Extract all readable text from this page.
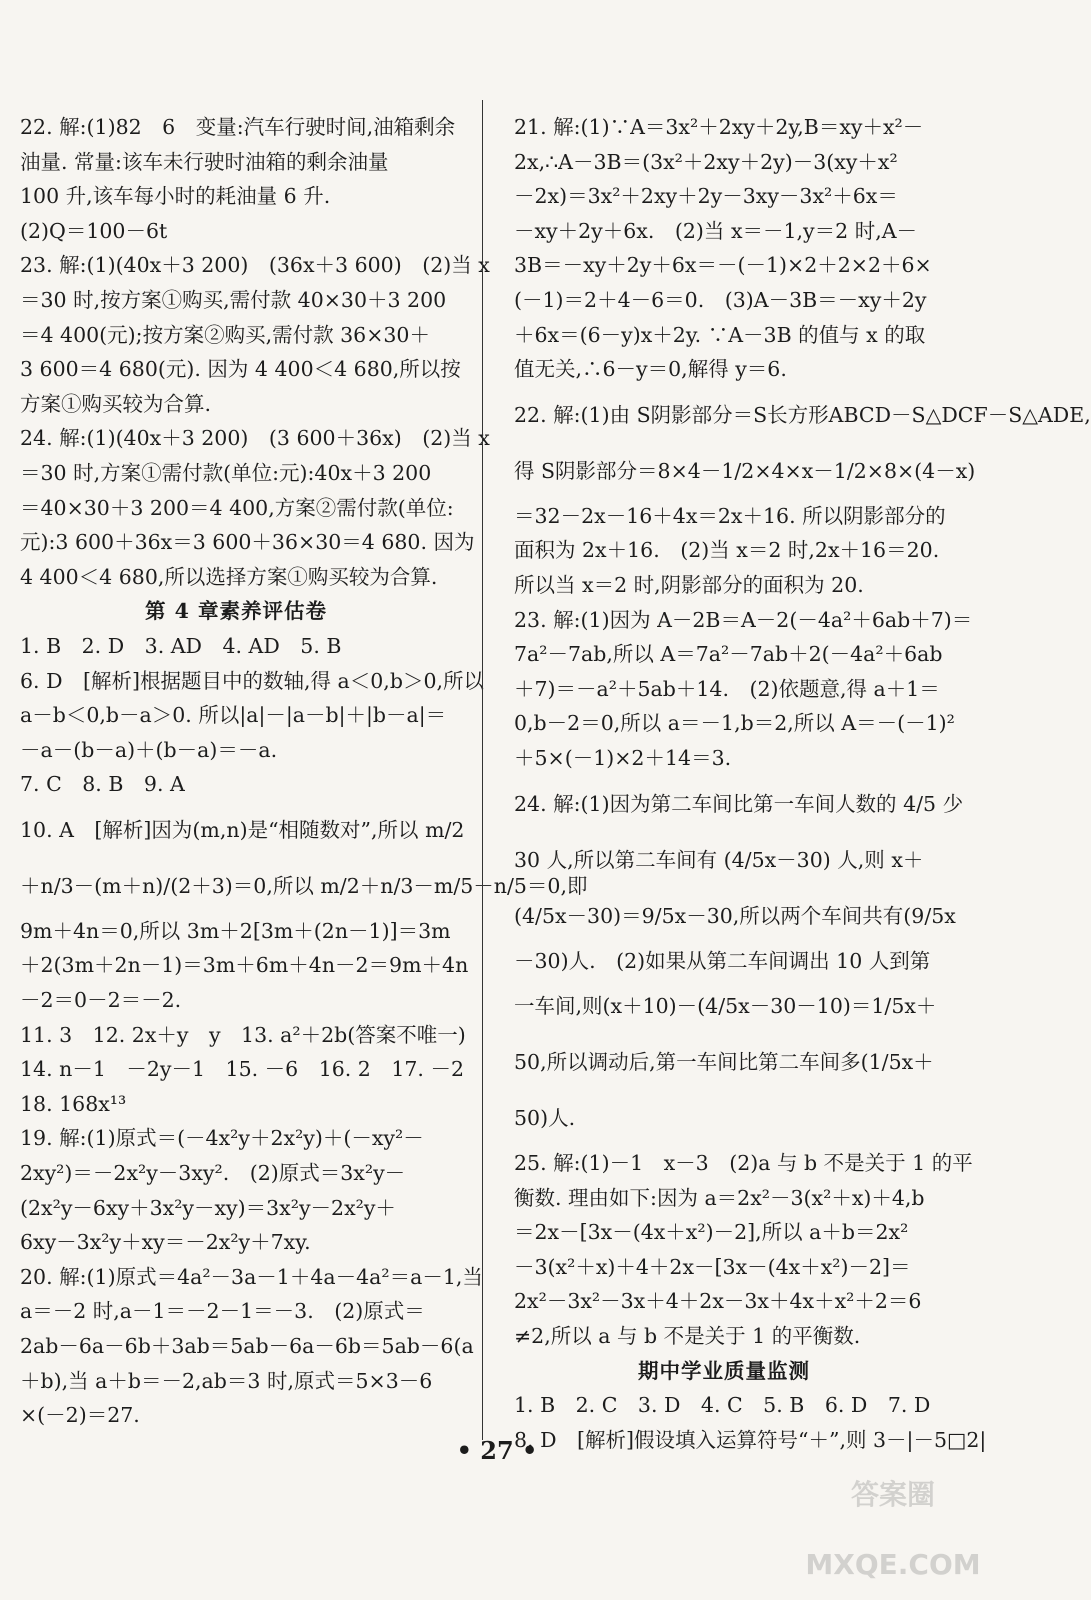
22. 解:(1)82　6　变量:汽车行驶时间,油箱剩余
油量. 常量:该车未行驶时油箱的剩余油量
100 升,该车每小时的耗油量 6 升.
(2)Q＝100－6t
23. 解:(1)(40x＋3 200)　(36x＋3 600)　(2)当 x
＝30 时,按方案①购买,需付款 40×30＋3 200
＝4 400(元);按方案②购买,需付款 36×30＋
3 600＝4 680(元). 因为 4 400＜4 680,所以按
方案①购买较为合算.
24. 解:(1)(40x＋3 200)　(3 600＋36x)　(2)当 x
＝30 时,方案①需付款(单位:元):40x＋3 200
＝40×30＋3 200＝4 400,方案②需付款(单位:
元):3 600＋36x＝3 600＋36×30＝4 680. 因为
4 400＜4 680,所以选择方案①购买较为合算.
第 4 章素养评估卷
1. B　2. D　3. AD　4. AD　5. B
6. D　[解析]根据题目中的数轴,得 a＜0,b＞0,所以
a－b＜0,b－a＞0. 所以|a|－|a－b|＋|b－a|＝
－a－(b－a)＋(b－a)＝－a.
7. C　8. B　9. A
10. A　[解析]因为(m,n)是“相随数对”,所以 m/2
＋n/3－(m＋n)/(2＋3)＝0,所以 m/2＋n/3－m/5－n/5＝0,即
9m＋4n＝0,所以 3m＋2[3m＋(2n－1)]＝3m
＋2(3m＋2n－1)＝3m＋6m＋4n－2＝9m＋4n
－2＝0－2＝－2.
11. 3　12. 2x＋y　y　13. a²＋2b(答案不唯一)
14. n－1　－2y－1　15. －6　16. 2　17. －2
18. 168x¹³
19. 解:(1)原式＝(－4x²y＋2x²y)＋(－xy²－
2xy²)＝－2x²y－3xy².　(2)原式＝3x²y－
(2x²y－6xy＋3x²y－xy)＝3x²y－2x²y＋
6xy－3x²y＋xy＝－2x²y＋7xy.
20. 解:(1)原式＝4a²－3a－1＋4a－4a²＝a－1,当
a＝－2 时,a－1＝－2－1＝－3.　(2)原式＝
2ab－6a－6b＋3ab＝5ab－6a－6b＝5ab－6(a
＋b),当 a＋b＝－2,ab＝3 时,原式＝5×3－6
×(－2)＝27.
21. 解:(1)∵A＝3x²＋2xy＋2y,B＝xy＋x²－
2x,∴A－3B＝(3x²＋2xy＋2y)－3(xy＋x²
－2x)＝3x²＋2xy＋2y－3xy－3x²＋6x＝
－xy＋2y＋6x.　(2)当 x＝－1,y＝2 时,A－
3B＝－xy＋2y＋6x＝－(－1)×2＋2×2＋6×
(－1)＝2＋4－6＝0.　(3)A－3B＝－xy＋2y
＋6x＝(6－y)x＋2y. ∵A－3B 的值与 x 的取
值无关,∴6－y＝0,解得 y＝6.
22. 解:(1)由 S阴影部分＝S长方形ABCD－S△DCF－S△ADE,
得 S阴影部分＝8×4－1/2×4×x－1/2×8×(4－x)
＝32－2x－16＋4x＝2x＋16. 所以阴影部分的
面积为 2x＋16.　(2)当 x＝2 时,2x＋16＝20.
所以当 x＝2 时,阴影部分的面积为 20.
23. 解:(1)因为 A－2B＝A－2(－4a²＋6ab＋7)＝
7a²－7ab,所以 A＝7a²－7ab＋2(－4a²＋6ab
＋7)＝－a²＋5ab＋14.　(2)依题意,得 a＋1＝
0,b－2＝0,所以 a＝－1,b＝2,所以 A＝－(－1)²
＋5×(－1)×2＋14＝3.
24. 解:(1)因为第二车间比第一车间人数的 4/5 少
30 人,所以第二车间有 (4/5x－30) 人,则 x＋
(4/5x－30)＝9/5x－30,所以两个车间共有(9/5x
－30)人.　(2)如果从第二车间调出 10 人到第
一车间,则(x＋10)－(4/5x－30－10)＝1/5x＋
50,所以调动后,第一车间比第二车间多(1/5x＋
50)人.
25. 解:(1)－1　x－3　(2)a 与 b 不是关于 1 的平
衡数. 理由如下:因为 a＝2x²－3(x²＋x)＋4,b
＝2x－[3x－(4x＋x²)－2],所以 a＋b＝2x²
－3(x²＋x)＋4＋2x－[3x－(4x＋x²)－2]＝
2x²－3x²－3x＋4＋2x－3x＋4x＋x²＋2＝6
≠2,所以 a 与 b 不是关于 1 的平衡数.
期中学业质量监测
1. B　2. C　3. D　4. C　5. B　6. D　7. D
8. D　[解析]假设填入运算符号“＋”,则 3－|－5□2|
• 27 •
答案圈 MXQE.COM
